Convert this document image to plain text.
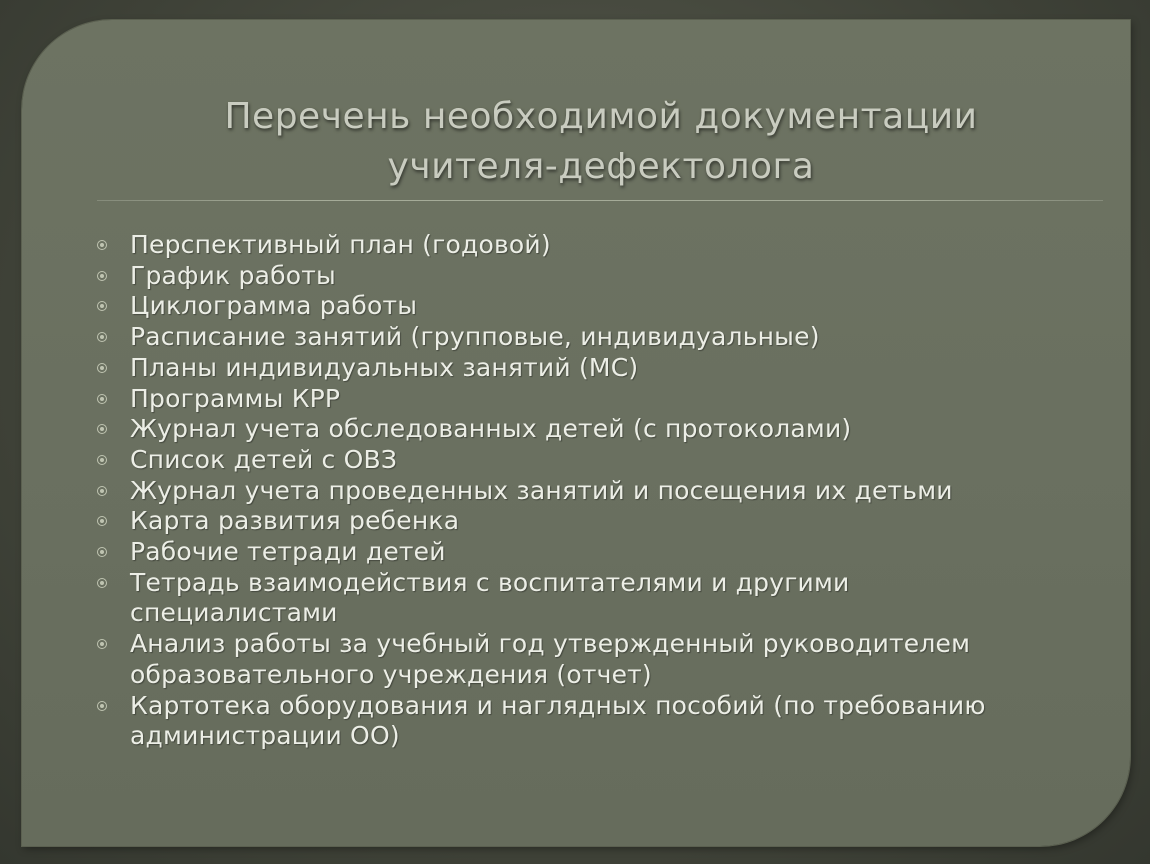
Перечень необходимой документации
учителя-дефектолога
Перспективный план (годовой)
График работы
Циклограмма работы
Расписание занятий (групповые, индивидуальные)
Планы индивидуальных занятий (МС)
Программы КРР
Журнал учета обследованных детей (с протоколами)
Список детей с ОВЗ
Журнал учета проведенных занятий и посещения их детьми
Карта развития ребенка
Рабочие тетради детей
Тетрадь взаимодействия с воспитателями и другими
специалистами
Анализ работы за учебный год утвержденный руководителем
образовательного учреждения (отчет)
Картотека оборудования и наглядных пособий (по требованию
администрации ОО)
